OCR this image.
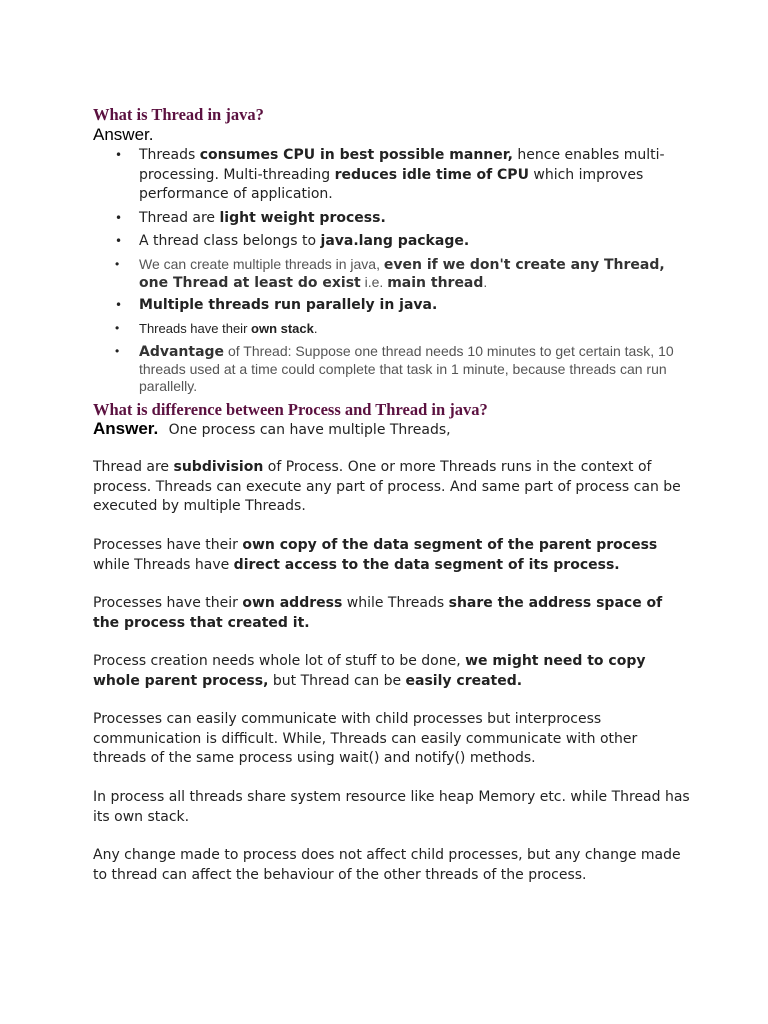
What is Thread in java?

Answer.

• Threads consumes CPU in best possible manner, hence enables multi-processing. Multi-threading reduces idle time of CPU which improves performance of application.
• Thread are light weight process.
• A thread class belongs to java.lang package.
• We can create multiple threads in java, even if we don't create any Thread, one Thread at least do exist i.e. main thread.
• Multiple threads run parallely in java.
• Threads have their own stack.
• Advantage of Thread: Suppose one thread needs 10 minutes to get certain task, 10 threads used at a time could complete that task in 1 minute, because threads can run parallelly.
What is difference between Process and Thread in java?

Answer. One process can have multiple Threads,

Thread are subdivision of Process. One or more Threads runs in the context of process. Threads can execute any part of process. And same part of process can be executed by multiple Threads.

Processes have their own copy of the data segment of the parent process while Threads have direct access to the data segment of its process.

Processes have their own address while Threads share the address space of the process that created it.

Process creation needs whole lot of stuff to be done, we might need to copy whole parent process, but Thread can be easily created.

Processes can easily communicate with child processes but interprocess communication is difficult. While, Threads can easily communicate with other threads of the same process using wait() and notify() methods.

In process all threads share system resource like heap Memory etc. while Thread has its own stack.

Any change made to process does not affect child processes, but any change made to thread can affect the behaviour of the other threads of the process.
